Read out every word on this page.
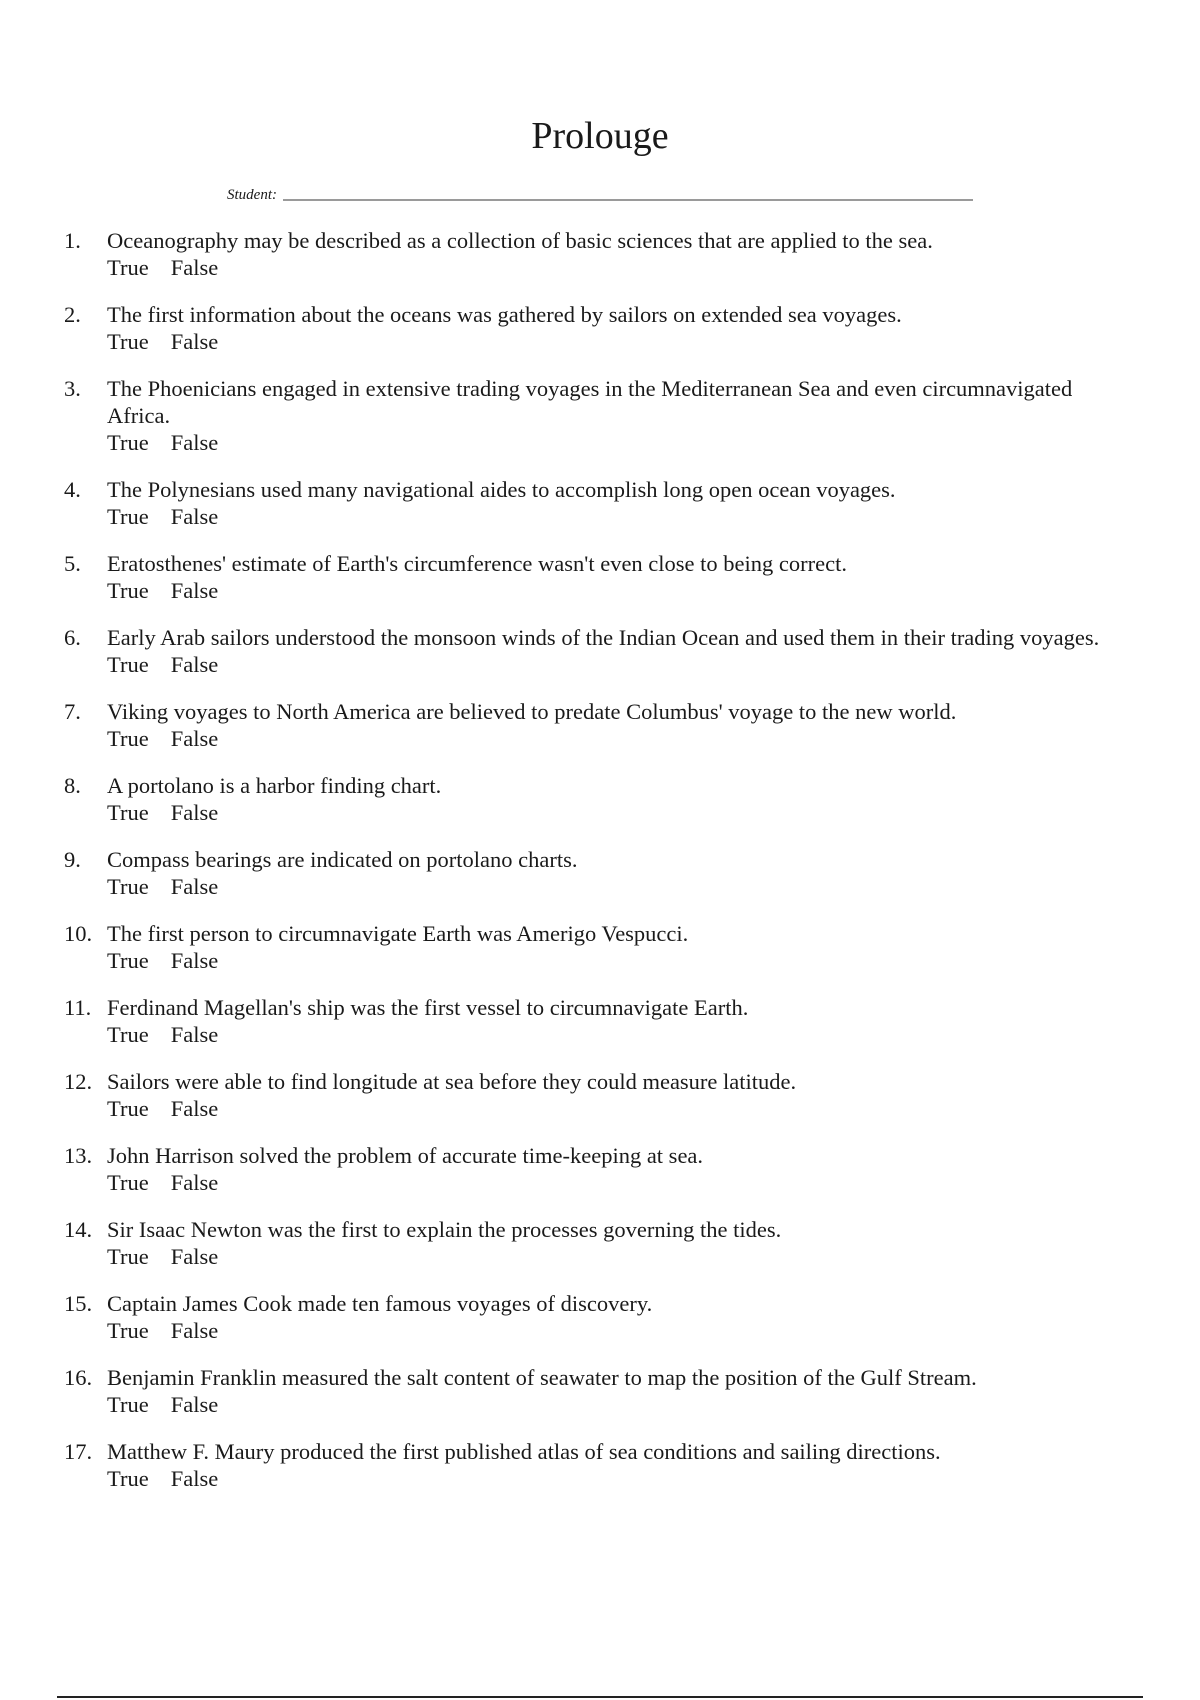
Prolouge
Student:
1.	Oceanography may be described as a collection of basic sciences that are applied to the sea.
True False
2.	The first information about the oceans was gathered by sailors on extended sea voyages.
True False
3.	The Phoenicians engaged in extensive trading voyages in the Mediterranean Sea and even circumnavigated Africa.
True False
4.	The Polynesians used many navigational aides to accomplish long open ocean voyages.
True False
5.	Eratosthenes' estimate of Earth's circumference wasn't even close to being correct.
True False
6.	Early Arab sailors understood the monsoon winds of the Indian Ocean and used them in their trading voyages.
True False
7.	Viking voyages to North America are believed to predate Columbus' voyage to the new world.
True False
8.	A portolano is a harbor finding chart.
True False
9.	Compass bearings are indicated on portolano charts.
True False
10. The first person to circumnavigate Earth was Amerigo Vespucci.
True False
11. Ferdinand Magellan's ship was the first vessel to circumnavigate Earth.
True False
12. Sailors were able to find longitude at sea before they could measure latitude.
True False
13. John Harrison solved the problem of accurate time-keeping at sea.
True False
14. Sir Isaac Newton was the first to explain the processes governing the tides.
True False
15. Captain James Cook made ten famous voyages of discovery.
True False
16. Benjamin Franklin measured the salt content of seawater to map the position of the Gulf Stream.
True False
17. Matthew F. Maury produced the first published atlas of sea conditions and sailing directions.
True False
